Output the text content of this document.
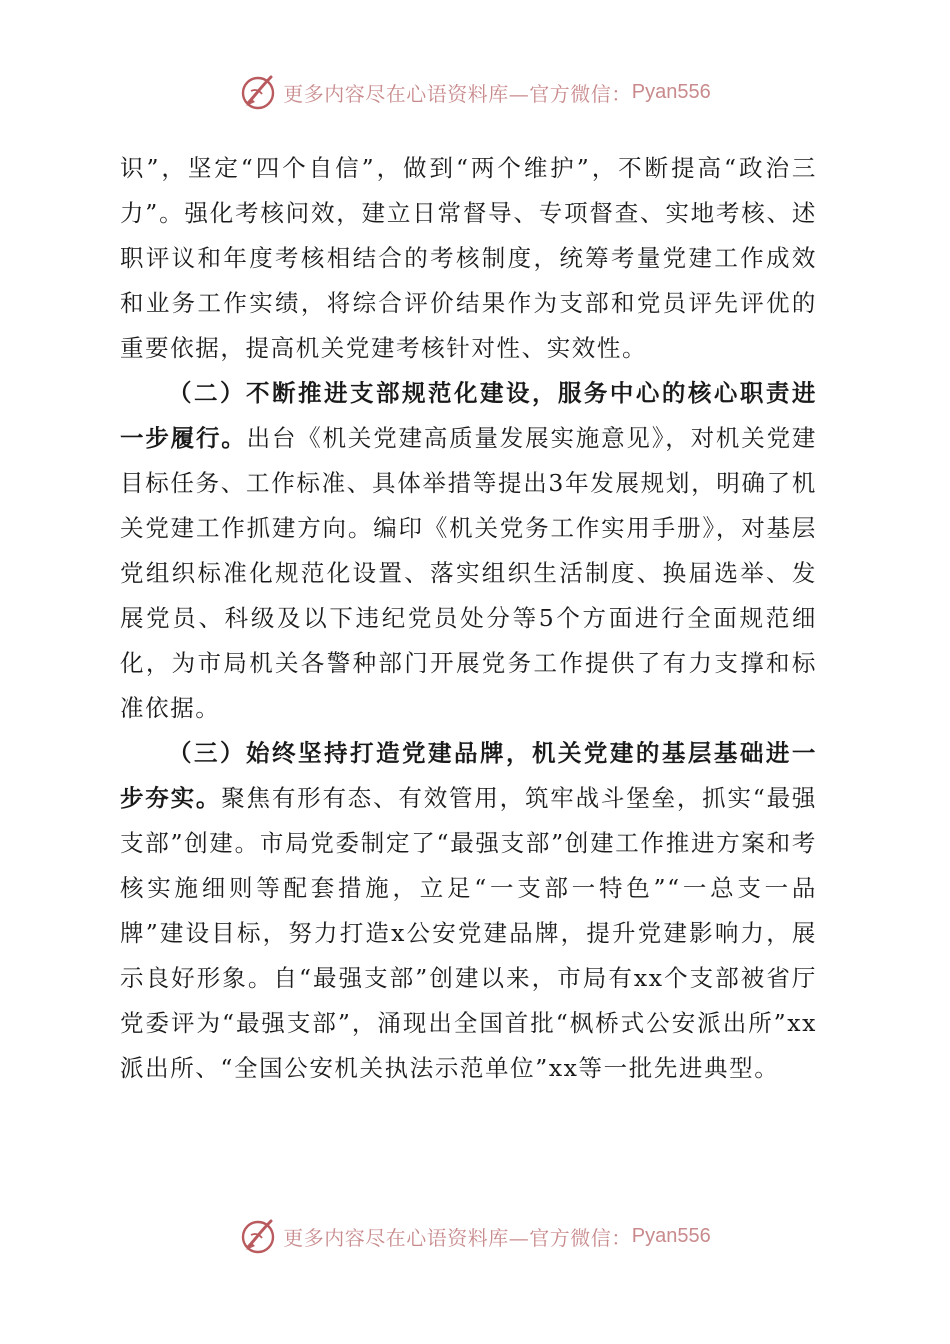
更多内容尽在心语资料库—官方微信： Pyan556

识”，坚定“四个自信”，做到“两个维护”，不断提高“政治三力”。强化考核问效，建立日常督导、专项督查、实地考核、述职评议和年度考核相结合的考核制度，统筹考量党建工作成效和业务工作实绩，将综合评价结果作为支部和党员评先评优的重要依据，提高机关党建考核针对性、实效性。

（二）不断推进支部规范化建设，服务中心的核心职责进一步履行。出台《机关党建高质量发展实施意见》，对机关党建目标任务、工作标准、具体举措等提出3年发展规划，明确了机关党建工作抓建方向。编印《机关党务工作实用手册》，对基层党组织标准化规范化设置、落实组织生活制度、换届选举、发展党员、科级及以下违纪党员处分等5个方面进行全面规范细化，为市局机关各警种部门开展党务工作提供了有力支撑和标准依据。

（三）始终坚持打造党建品牌，机关党建的基层基础进一步夯实。聚焦有形有态、有效管用，筑牢战斗堡垒，抓实“最强支部”创建。市局党委制定了“最强支部”创建工作推进方案和考核实施细则等配套措施，立足“一支部一特色”“一总支一品牌”建设目标，努力打造x公安党建品牌，提升党建影响力，展示良好形象。自“最强支部”创建以来，市局有xx个支部被省厅党委评为“最强支部”，涌现出全国首批“枫桥式公安派出所”xx派出所、“全国公安机关执法示范单位”xx等一批先进典型。

更多内容尽在心语资料库—官方微信： Pyan556
